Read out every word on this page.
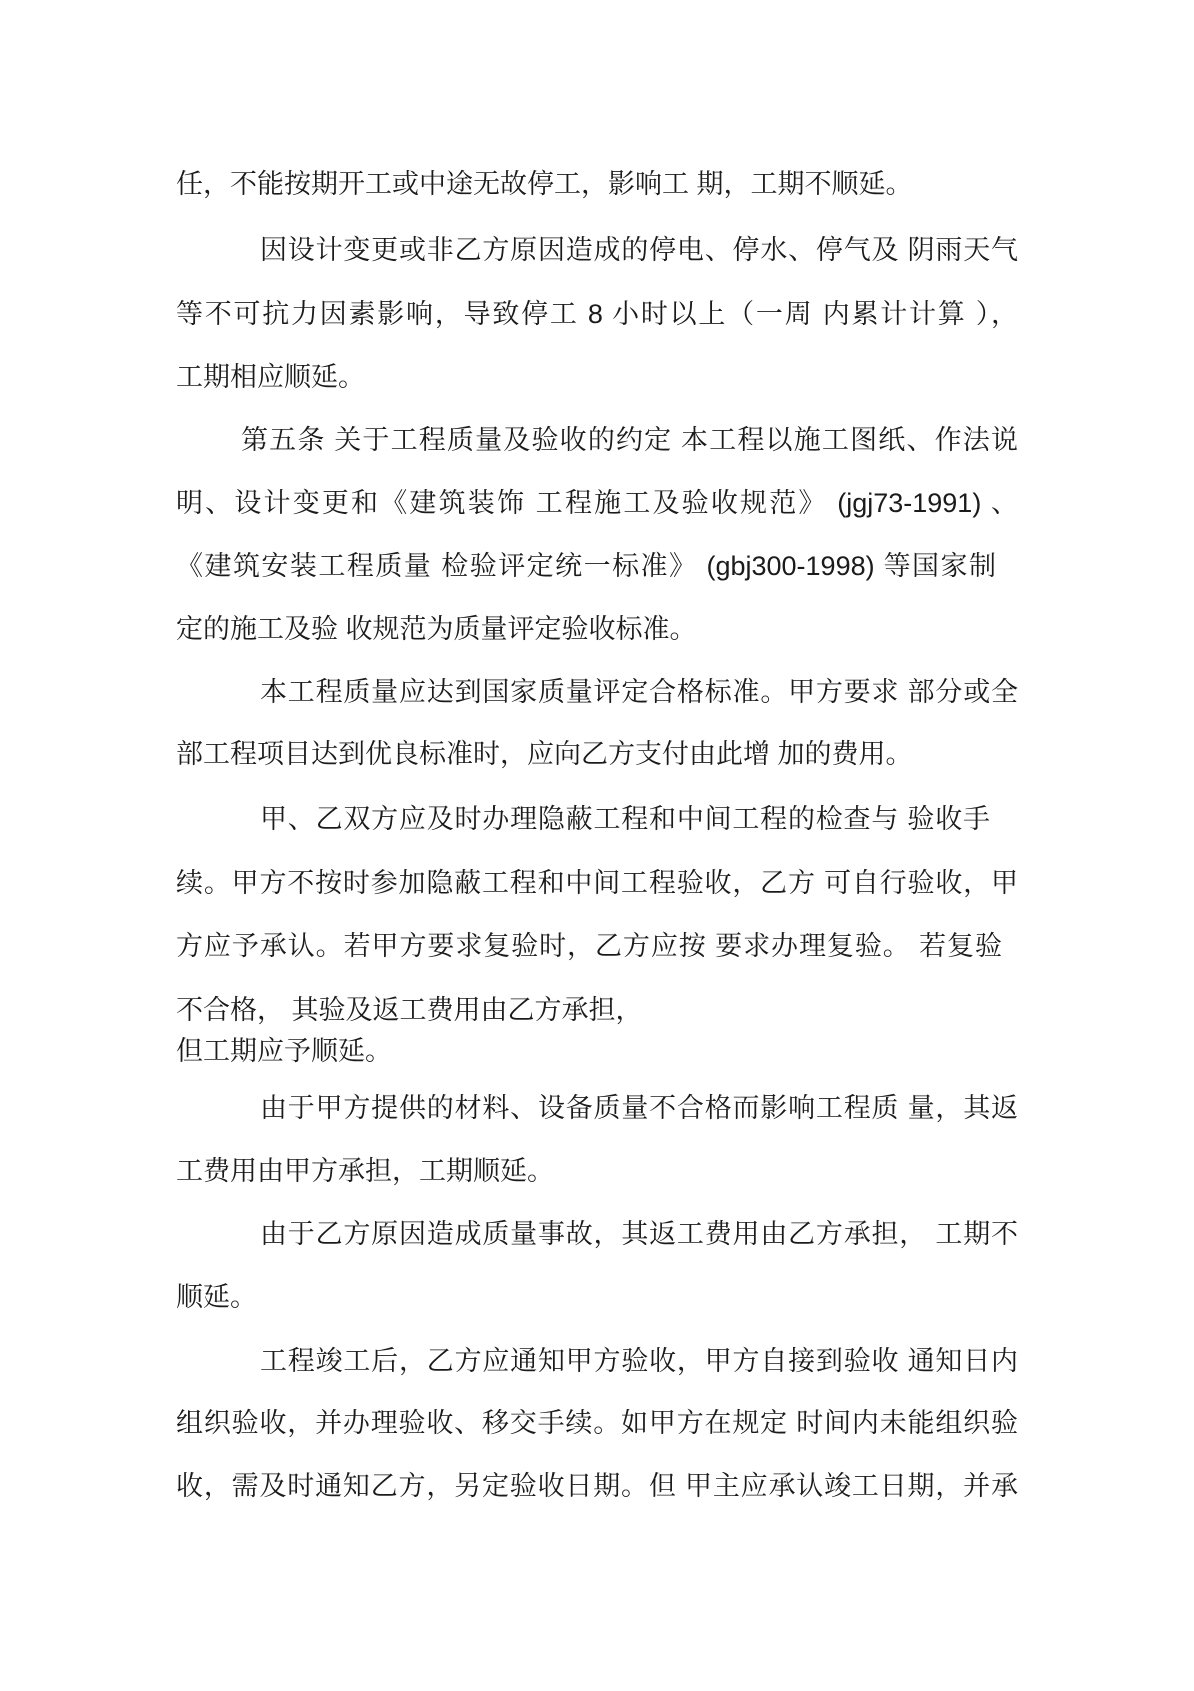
任，不能按期开工或中途无故停工，影响工 期，工期不顺延。
因设计变更或非乙方原因造成的停电、停水、停气及 阴雨天气
等不可抗力因素影响，导致停工 8 小时以上（一周 内累计计算 ），
工期相应顺延。
第五条 关于工程质量及验收的约定 本工程以施工图纸、作法说
明、设计变更和《建筑装饰 工程施工及验收规范》 (jgj73-1991) 、
《建筑安装工程质量 检验评定统一标准》 (gbj300-1998) 等国家制
定的施工及验 收规范为质量评定验收标准。
本工程质量应达到国家质量评定合格标准。甲方要求 部分或全
部工程项目达到优良标准时，应向乙方支付由此增 加的费用。
甲、乙双方应及时办理隐蔽工程和中间工程的检查与 验收手
续。甲方不按时参加隐蔽工程和中间工程验收，乙方 可自行验收，甲
方应予承认。若甲方要求复验时，乙方应按 要求办理复验。 若复验
不合格， 其验及返工费用由乙方承担，
但工期应予顺延。
由于甲方提供的材料、设备质量不合格而影响工程质 量，其返
工费用由甲方承担，工期顺延。
由于乙方原因造成质量事故，其返工费用由乙方承担， 工期不
顺延。
工程竣工后，乙方应通知甲方验收，甲方自接到验收 通知日内
组织验收，并办理验收、移交手续。如甲方在规定 时间内未能组织验
收，需及时通知乙方，另定验收日期。但 甲主应承认竣工日期，并承
